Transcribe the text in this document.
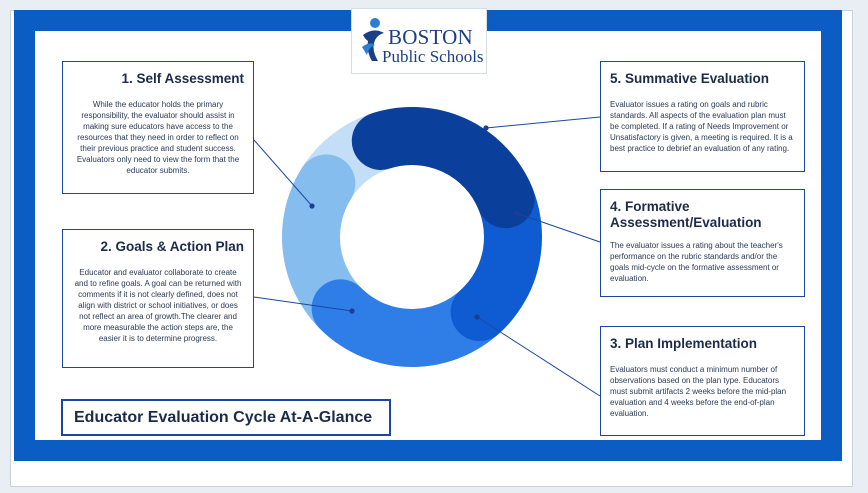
BOSTON
Public Schools
1. Self Assessment

While the educator holds the primary responsibility, the evaluator should assist in making sure educators have access to the resources that they need in order to reflect on their previous practice and student success. Evaluators only need to view the form that the educator submits.

2. Goals & Action Plan

Educator and evaluator collaborate to create and to refine goals. A goal can be returned with comments if it is not clearly defined, does not align with district or school initiatives, or does not reflect an area of growth.The clearer and more measurable the action steps are, the easier it is to determine progress.

5. Summative Evaluation

Evaluator issues a rating on goals and rubric standards. All aspects of the evaluation plan must be completed. If a rating of Needs Improvement or Unsatisfactory is given, a meeting is required. It is a best practice to debrief an evaluation of any rating.

4. Formative Assessment/Evaluation

The evaluator issues a rating about the teacher's performance on the rubric standards and/or the goals mid-cycle on the formative assessment or evaluation.

3. Plan Implementation

Evaluators must conduct a minimum number of observations based on the plan type. Educators must submit artifacts 2 weeks before the mid-plan evaluation and 4 weeks before the end-of-plan evaluation.

Educator Evaluation Cycle At-A-Glance
